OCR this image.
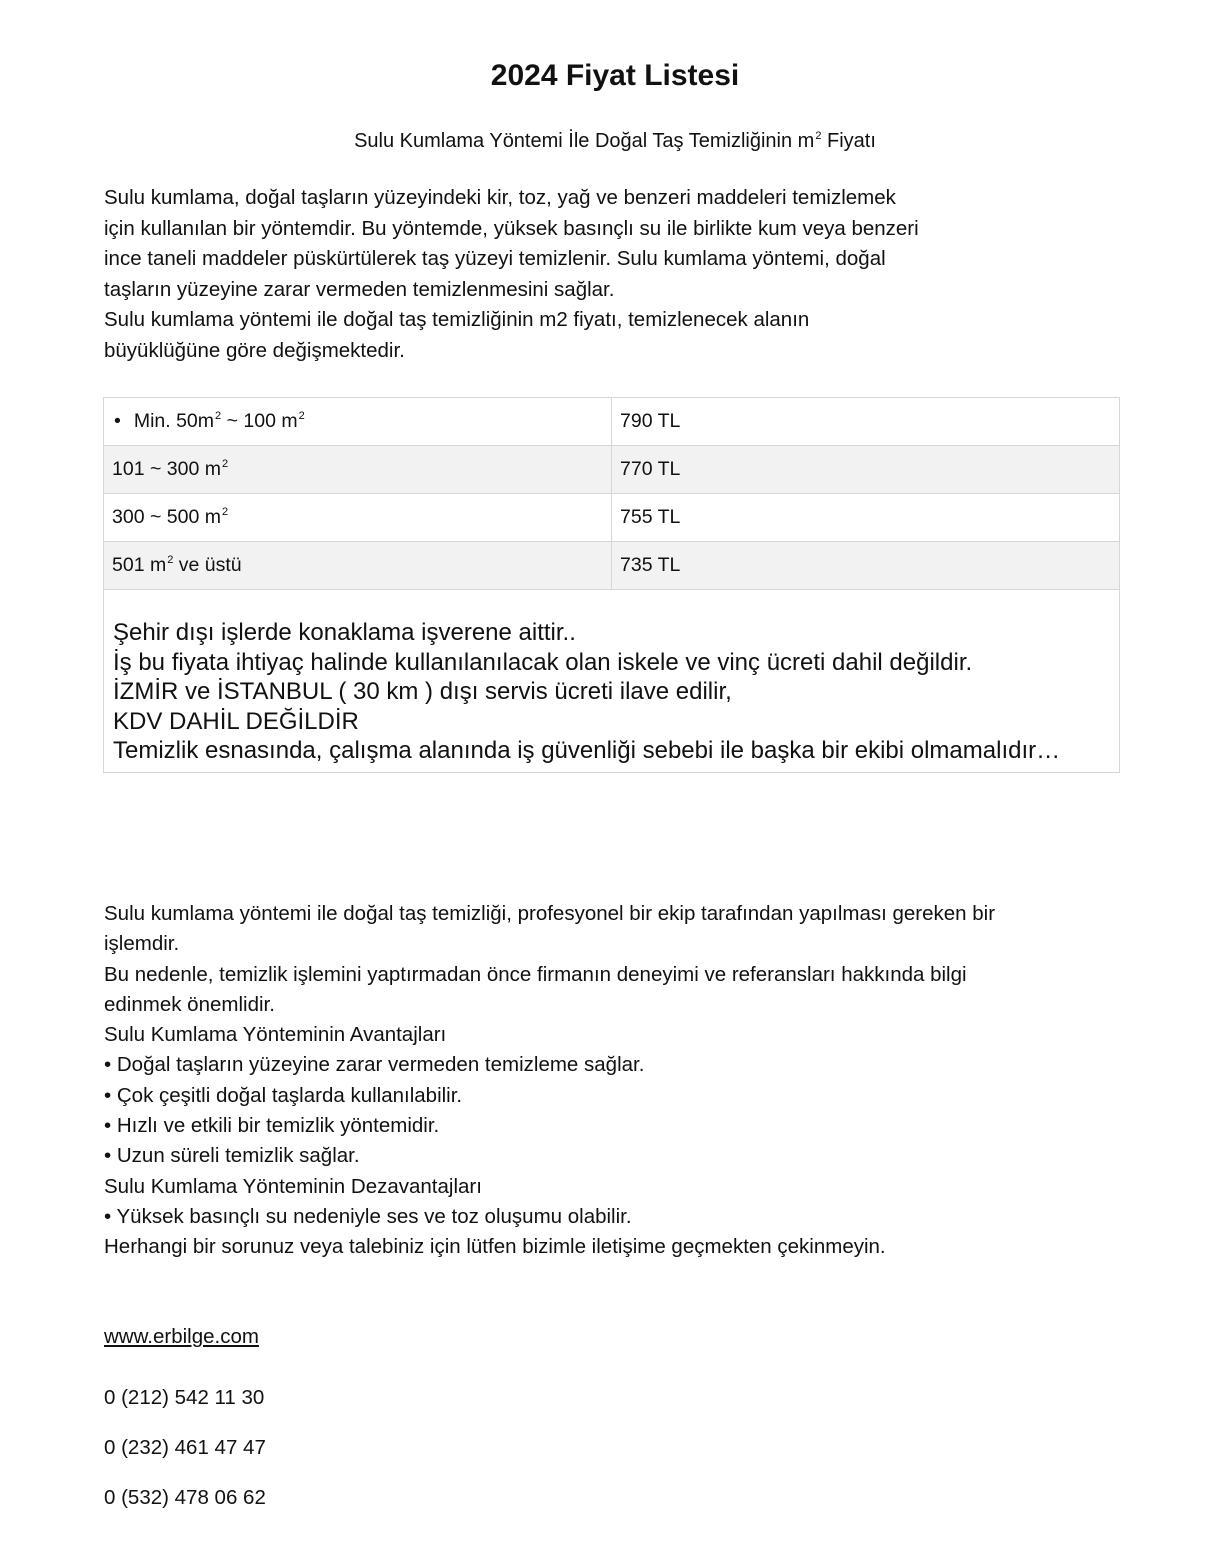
2024 Fiyat Listesi
Sulu Kumlama Yöntemi İle Doğal Taş Temizliğinin $m^2$ Fiyatı

Sulu kumlama, doğal taşların yüzeyindeki kir, toz, yağ ve benzeri maddeleri temizlemek

için kullanılan bir yöntemdir. Bu yöntemde, yüksek basınçlı su ile birlikte kum veya benzeri

ince taneli maddeler püskürtülerek taş yüzeyi temizlenir. Sulu kumlama yöntemi, doğal

taşların yüzeyine zarar vermeden temizlenmesini sağlar.

Sulu kumlama yöntemi ile doğal taş temizliğinin m2 fiyatı, temizlenecek alanın

büyüklüğüne göre değişmektedir.

• Min. $50m^2$ ~ 100 $m^2$	790 TL
101 ~ 300 $m^2$	770 TL
300 ~ 500 $m^2$	755 TL
501 $m^2$ ve üstü	735 TL

Şehir dışı işlerde konaklama işverene aittir..

İş bu fiyata ihtiyaç halinde kullanılanılacak olan iskele ve vinç ücreti dahil değildir.

İZMİR ve İSTANBUL ( 30 km ) dışı servis ücreti ilave edilir,

KDV DAHİL DEĞİLDİR

Temizlik esnasında, çalışma alanında iş güvenliği sebebi ile başka bir ekibi olmamalıdır…	

Sulu kumlama yöntemi ile doğal taş temizliği, profesyonel bir ekip tarafından yapılması gereken bir

işlemdir.

Bu nedenle, temizlik işlemini yaptırmadan önce firmanın deneyimi ve referansları hakkında bilgi

edinmek önemlidir.

Sulu Kumlama Yönteminin Avantajları

• Doğal taşların yüzeyine zarar vermeden temizleme sağlar.

• Çok çeşitli doğal taşlarda kullanılabilir.

• Hızlı ve etkili bir temizlik yöntemidir.

• Uzun süreli temizlik sağlar.

Sulu Kumlama Yönteminin Dezavantajları

• Yüksek basınçlı su nedeniyle ses ve toz oluşumu olabilir.

Herhangi bir sorunuz veya talebiniz için lütfen bizimle iletişime geçmekten çekinmeyin.

www.erbilge.com

0 (212) 542 11 30

0 (232) 461 47 47

0 (532) 478 06 62
